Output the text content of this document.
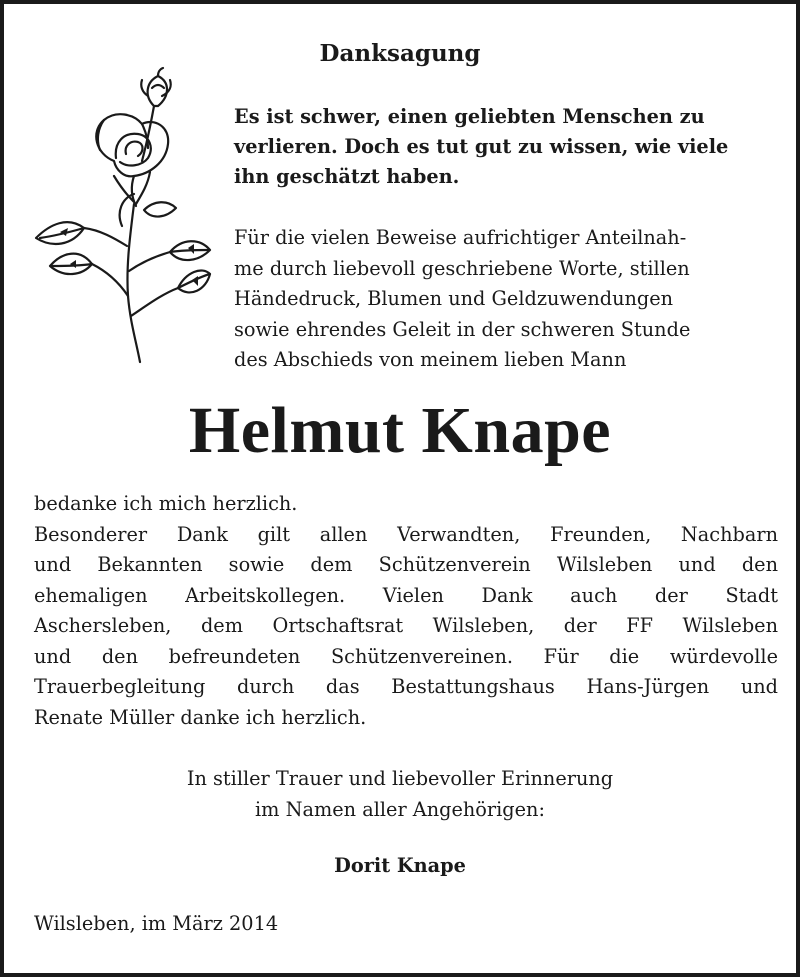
Danksagung
Es ist schwer, einen geliebten Menschen zu
verlieren. Doch es tut gut zu wissen, wie viele
ihn geschätzt haben.
Für die vielen Beweise aufrichtiger Anteilnah-
me durch liebevoll geschriebene Worte, stillen
Händedruck, Blumen und Geldzuwendungen
sowie ehrendes Geleit in der schweren Stunde
des Abschieds von meinem lieben Mann
Helmut Knape
bedanke ich mich herzlich.
Besonderer Dank gilt allen Verwandten, Freunden, Nachbarn
und Bekannten sowie dem Schützenverein Wilsleben und den
ehemaligen Arbeitskollegen. Vielen Dank auch der Stadt
Aschersleben, dem Ortschaftsrat Wilsleben, der FF Wilsleben
und den befreundeten Schützenvereinen. Für die würdevolle
Trauerbegleitung durch das Bestattungshaus Hans-Jürgen und
Renate Müller danke ich herzlich.
In stiller Trauer und liebevoller Erinnerung
im Namen aller Angehörigen:
Dorit Knape
Wilsleben, im März 2014
